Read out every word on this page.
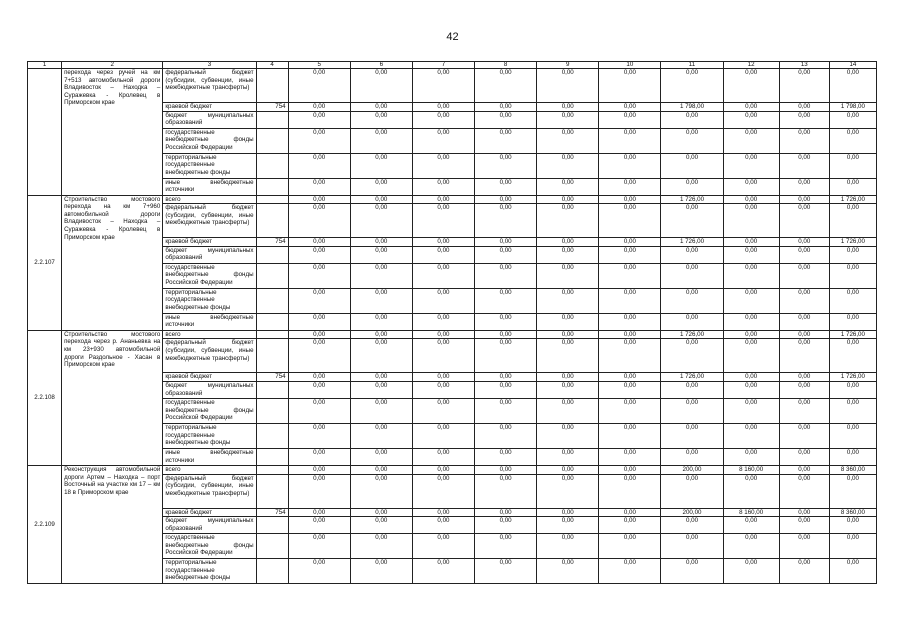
42
1	2	3	4	5	6	7	8	9	10	11	12	13	14
	перехода через ручей на км 7+513 автомобильной дороги Владивосток – Находка – Суражевка - Кролевец в Приморском крае	федеральный бюджет (субсидии, субвенции, иные межбюджетные трансферты)		0,00	0,00	0,00	0,00	0,00	0,00	0,00	0,00	0,00	0,00
		краевой бюджет	754	0,00	0,00	0,00	0,00	0,00	0,00	1 798,00	0,00	0,00	1 798,00
		бюджет муниципальных образований		0,00	0,00	0,00	0,00	0,00	0,00	0,00	0,00	0,00	0,00
		государственные внебюджетные фонды Российской Федерации		0,00	0,00	0,00	0,00	0,00	0,00	0,00	0,00	0,00	0,00
		территориальные государственные внебюджетные фонды		0,00	0,00	0,00	0,00	0,00	0,00	0,00	0,00	0,00	0,00
		иные внебюджетные источники		0,00	0,00	0,00	0,00	0,00	0,00	0,00	0,00	0,00	0,00
2.2.107	Строительство мостового перехода на км 7+960 автомобильной дороги Владивосток – Находка – Суражевка - Кролевец в Приморском крае	всего		0,00	0,00	0,00	0,00	0,00	0,00	1 726,00	0,00	0,00	1 726,00
		федеральный бюджет (субсидии, субвенции, иные межбюджетные трансферты)		0,00	0,00	0,00	0,00	0,00	0,00	0,00	0,00	0,00	0,00
		краевой бюджет	754	0,00	0,00	0,00	0,00	0,00	0,00	1 726,00	0,00	0,00	1 726,00
		бюджет муниципальных образований		0,00	0,00	0,00	0,00	0,00	0,00	0,00	0,00	0,00	0,00
		государственные внебюджетные фонды Российской Федерации		0,00	0,00	0,00	0,00	0,00	0,00	0,00	0,00	0,00	0,00
		территориальные государственные внебюджетные фонды		0,00	0,00	0,00	0,00	0,00	0,00	0,00	0,00	0,00	0,00
		иные внебюджетные источники		0,00	0,00	0,00	0,00	0,00	0,00	0,00	0,00	0,00	0,00
2.2.108	Строительство мостового перехода через р. Ананьевка на км 23+930 автомобильной дороги Раздольное - Хасан в Приморском крае	всего		0,00	0,00	0,00	0,00	0,00	0,00	1 726,00	0,00	0,00	1 726,00
		федеральный бюджет (субсидии, субвенции, иные межбюджетные трансферты)		0,00	0,00	0,00	0,00	0,00	0,00	0,00	0,00	0,00	0,00
		краевой бюджет	754	0,00	0,00	0,00	0,00	0,00	0,00	1 726,00	0,00	0,00	1 726,00
		бюджет муниципальных образований		0,00	0,00	0,00	0,00	0,00	0,00	0,00	0,00	0,00	0,00
		государственные внебюджетные фонды Российской Федерации		0,00	0,00	0,00	0,00	0,00	0,00	0,00	0,00	0,00	0,00
		территориальные государственные внебюджетные фонды		0,00	0,00	0,00	0,00	0,00	0,00	0,00	0,00	0,00	0,00
		иные внебюджетные источники		0,00	0,00	0,00	0,00	0,00	0,00	0,00	0,00	0,00	0,00
2.2.109	Реконструкция автомобильной дороги Артем – Находка – порт Восточный на участке км 17 – км 18 в Приморском крае	всего		0,00	0,00	0,00	0,00	0,00	0,00	200,00	8 160,00	0,00	8 360,00
		федеральный бюджет (субсидии, субвенции, иные межбюджетные трансферты)		0,00	0,00	0,00	0,00	0,00	0,00	0,00	0,00	0,00	0,00
		краевой бюджет	754	0,00	0,00	0,00	0,00	0,00	0,00	200,00	8 160,00	0,00	8 360,00
		бюджет муниципальных образований		0,00	0,00	0,00	0,00	0,00	0,00	0,00	0,00	0,00	0,00
		государственные внебюджетные фонды Российской Федерации		0,00	0,00	0,00	0,00	0,00	0,00	0,00	0,00	0,00	0,00
		территориальные государственные внебюджетные фонды		0,00	0,00	0,00	0,00	0,00	0,00	0,00	0,00	0,00	0,00
